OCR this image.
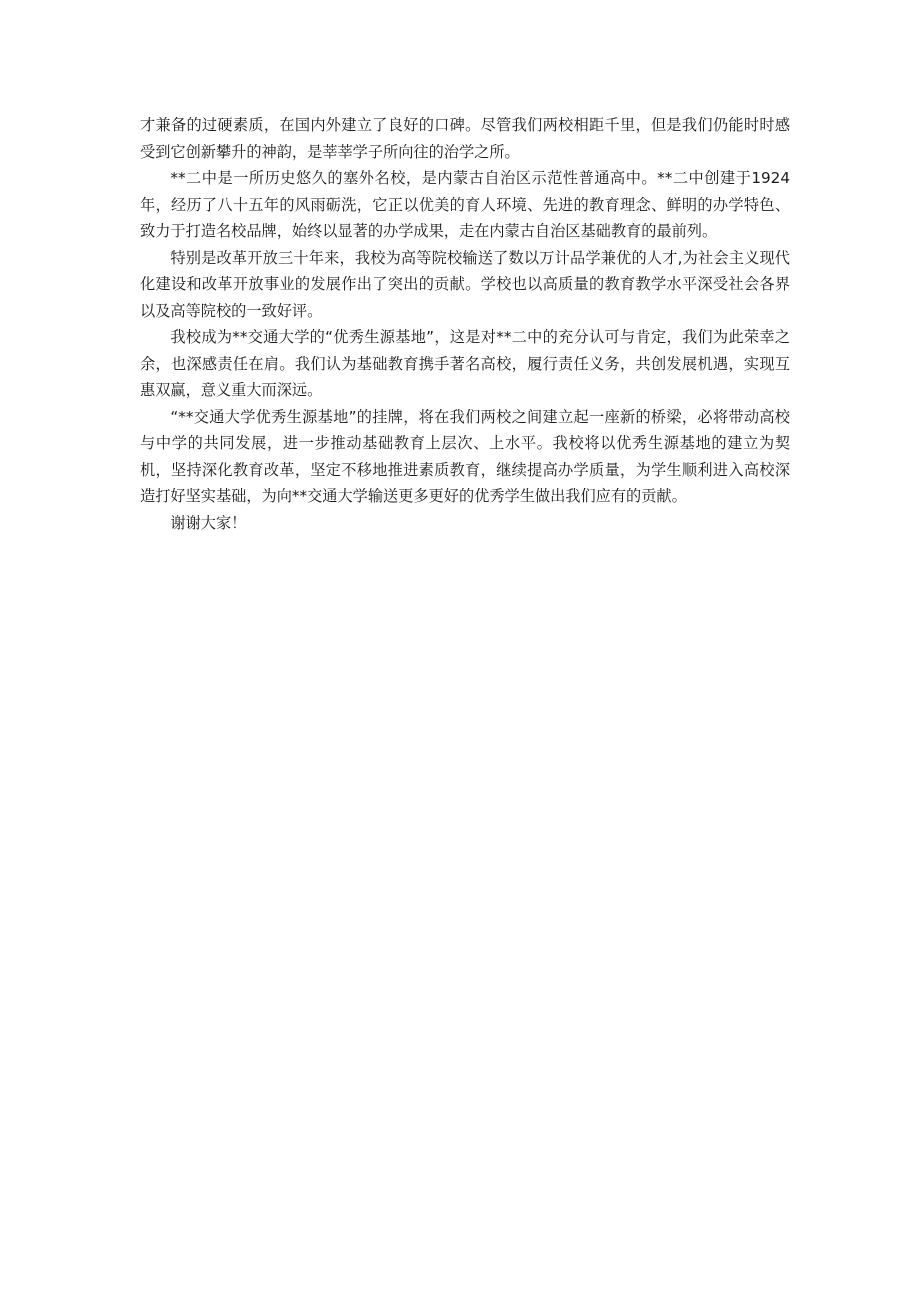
才兼备的过硬素质，在国内外建立了良好的口碑。尽管我们两校相距千里，但是我们仍能时时感受到它创新攀升的神韵，是莘莘学子所向往的治学之所。

**二中是一所历史悠久的塞外名校，是内蒙古自治区示范性普通高中。**二中创建于1924年，经历了八十五年的风雨砺洗，它正以优美的育人环境、先进的教育理念、鲜明的办学特色、致力于打造名校品牌，始终以显著的办学成果，走在内蒙古自治区基础教育的最前列。

特别是改革开放三十年来，我校为高等院校输送了数以万计品学兼优的人才,为社会主义现代化建设和改革开放事业的发展作出了突出的贡献。学校也以高质量的教育教学水平深受社会各界以及高等院校的一致好评。

我校成为**交通大学的“优秀生源基地”，这是对**二中的充分认可与肯定，我们为此荣幸之余，也深感责任在肩。我们认为基础教育携手著名高校，履行责任义务，共创发展机遇，实现互惠双赢，意义重大而深远。

“**交通大学优秀生源基地”的挂牌，将在我们两校之间建立起一座新的桥梁，必将带动高校与中学的共同发展，进一步推动基础教育上层次、上水平。我校将以优秀生源基地的建立为契机，坚持深化教育改革，坚定不移地推进素质教育，继续提高办学质量，为学生顺利进入高校深造打好坚实基础，为向**交通大学输送更多更好的优秀学生做出我们应有的贡献。

谢谢大家！
